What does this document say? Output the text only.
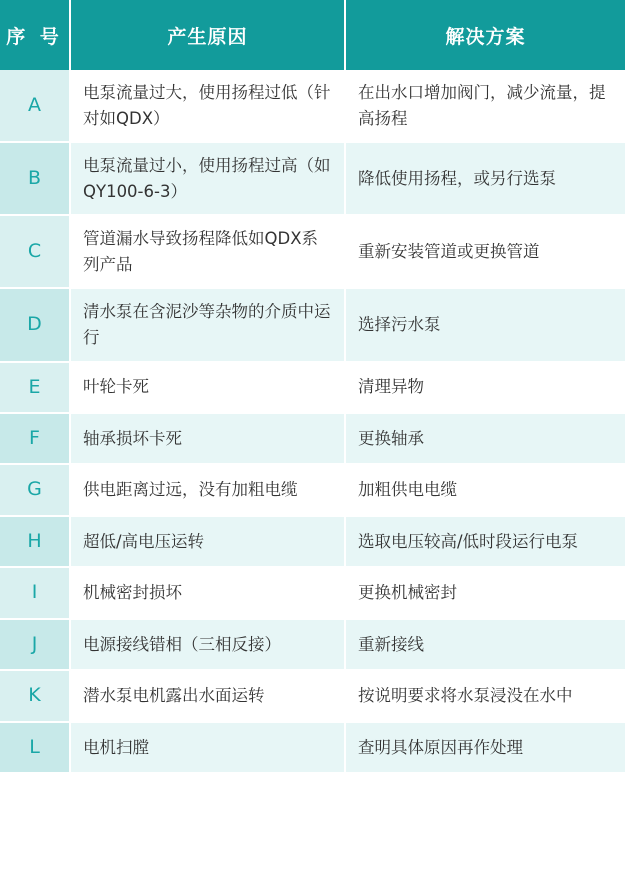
序 号	产生原因	解决方案
A	电泵流量过大，使用扬程过低（针对如QDX）	在出水口增加阀门，减少流量，提高扬程
B	电泵流量过小，使用扬程过高（如QY100-6-3）	降低使用扬程，或另行选泵
C	管道漏水导致扬程降低如QDX系列产品	重新安装管道或更换管道
D	清水泵在含泥沙等杂物的介质中运行	选择污水泵
E	叶轮卡死	清理异物
F	轴承损坏卡死	更换轴承
G	供电距离过远，没有加粗电缆	加粗供电电缆
H	超低/高电压运转	选取电压较高/低时段运行电泵
I	机械密封损坏	更换机械密封
J	电源接线错相（三相反接）	重新接线
K	潜水泵电机露出水面运转	按说明要求将水泵浸没在水中
L	电机扫膛	查明具体原因再作处理
